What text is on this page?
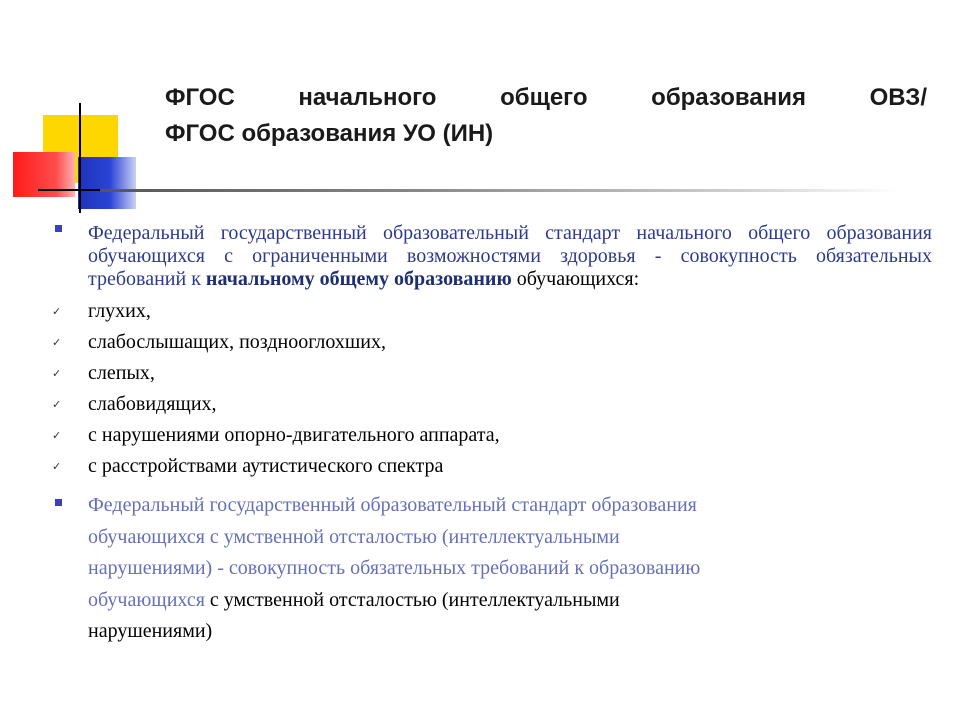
ФГОС начального общего образования ОВЗ/
ФГОС образования УО (ИН)
Федеральный государственный образовательный стандарт начального общего образования обучающихся с ограниченными возможностями здоровья - совокупность обязательных требований к начальному общему образованию обучающихся:
✓ глухих,
✓ слабослышащих, позднооглохших,
✓ слепых,
✓ слабовидящих,
✓ с нарушениями опорно-двигательного аппарата,
✓ с расстройствами аутистического спектра
Федеральный государственный образовательный стандарт образования
обучающихся с умственной отсталостью (интеллектуальными
нарушениями) - совокупность обязательных требований к образованию
обучающихся с умственной отсталостью (интеллектуальными
нарушениями)
